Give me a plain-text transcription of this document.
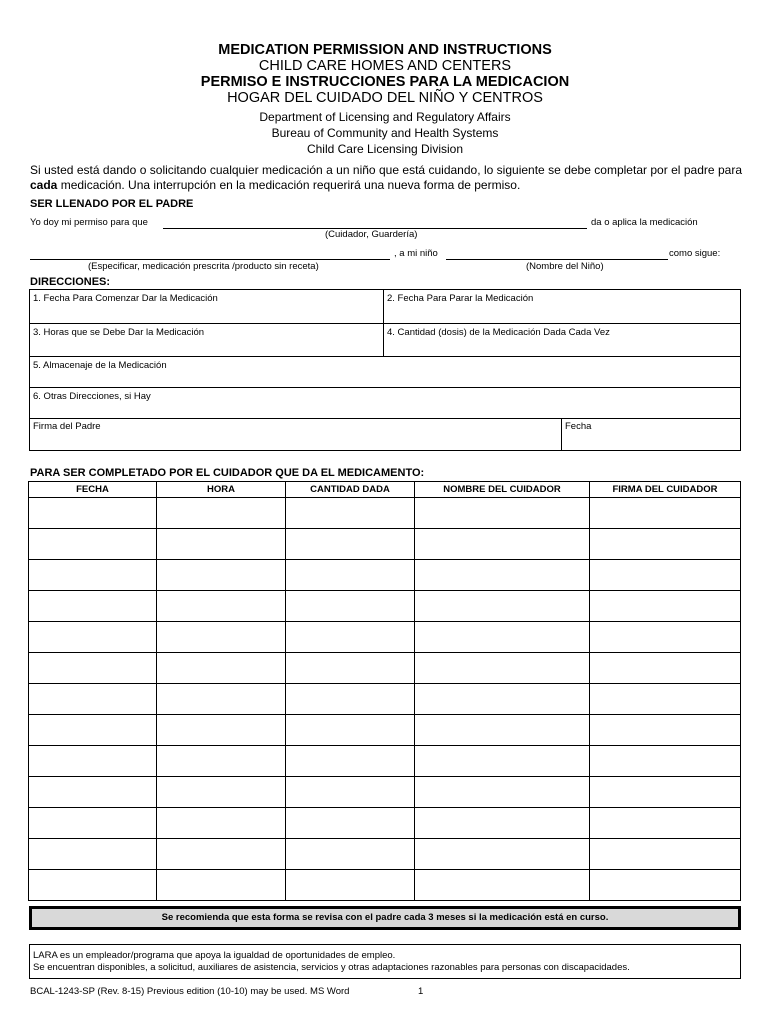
MEDICATION PERMISSION AND INSTRUCTIONS
CHILD CARE HOMES AND CENTERS
PERMISO E INSTRUCCIONES PARA LA MEDICACION
HOGAR DEL CUIDADO DEL NIÑO Y CENTROS
Department of Licensing and Regulatory Affairs
Bureau of Community and Health Systems
Child Care Licensing Division
Si usted está dando o solicitando cualquier medicación a un niño que está cuidando, lo siguiente se debe completar por el padre para cada medicación. Una interrupción en la medicación requerirá una nueva forma de permiso.
SER LLENADO POR EL PADRE
Yo doy mi permiso para que	da o aplica la medicación
(Cuidador, Guardería)
, a mi niño	como sigue:
(Especificar, medicación prescrita /producto sin receta)	(Nombre del Niño)
DIRECCIONES:
1. Fecha Para Comenzar Dar la Medicación	2. Fecha Para Parar la Medicación
3. Horas que se Debe Dar la Medicación	4. Cantidad (dosis) de la Medicación Dada Cada Vez
5. Almacenaje de la Medicación	
6. Otras Direcciones, si Hay	
Firma del Padre	Fecha
PARA SER COMPLETADO POR EL CUIDADOR QUE DA EL MEDICAMENTO:
FECHA	HORA	CANTIDAD DADA	NOMBRE DEL CUIDADOR	FIRMA DEL CUIDADOR

Se recomienda que esta forma se revisa con el padre cada 3 meses si la medicación está en curso.
LARA es un empleador/programa que apoya la igualdad de oportunidades de empleo.
Se encuentran disponibles, a solicitud, auxiliares de asistencia, servicios y otras adaptaciones razonables para personas con discapacidades.
BCAL-1243-SP (Rev. 8-15) Previous edition (10-10) may be used. MS Word	1
